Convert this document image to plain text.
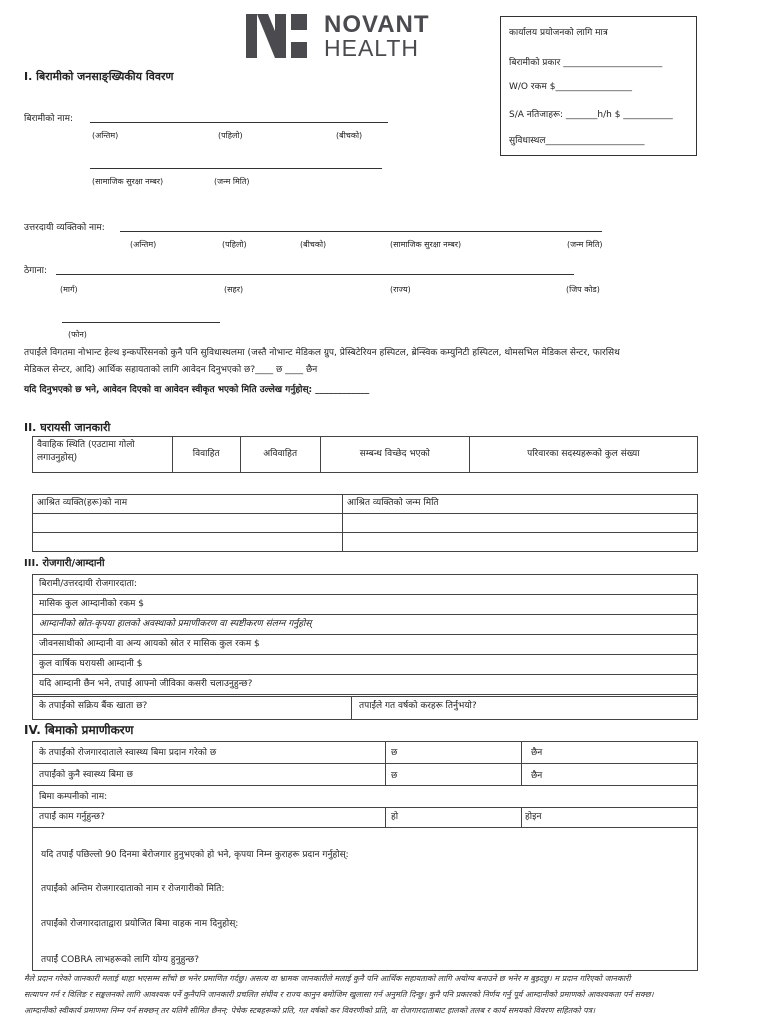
NOVANT
HEALTH
कार्यालय प्रयोजनको लागि मात्र
बिरामीको प्रकार ______________________
W/O रकम $_________________
S/A नतिजाहरू: _______h/h $ ___________
सुविधास्थल______________________
I. बिरामीको जनसाङ्ख्यिकीय विवरण
बिरामीको नाम:
(अन्तिम)	(पहिलो)	(बीचको)
(सामाजिक सुरक्षा नम्बर)	(जन्म मिति)
उत्तरदायी व्यक्तिको नाम:
(अन्तिम)	(पहिलो)	(बीचको)	(सामाजिक सुरक्षा नम्बर)	(जन्म मिति)
ठेगाना:
(मार्ग)	(सहर)	(राज्य)	(जिप कोड)
(फोन)
तपाईंले विगतमा नोभान्ट हेल्थ इन्कर्पोरेसनको कुनै पनि सुविधास्थलमा (जस्तै नोभान्ट मेडिकल ग्रुप, प्रेस्बिटेरियन हस्पिटल, ब्रेन्स्विक कम्युनिटी हस्पिटल, थोमसभिल मेडिकल सेन्टर, फारसिथ
मेडिकल सेन्टर, आदि) आर्थिक सहायताको लागि आवेदन दिनुभएको छ?____ छ ____ छैन
यदि दिनुभएको छ भने, आवेदन दिएको वा आवेदन स्वीकृत भएको मिति उल्लेख गर्नुहोस्: ____________
II. घरायसी जानकारी
वैवाहिक स्थिति (एउटामा गोलो लगाउनुहोस्)	विवाहित	अविवाहित	सम्बन्ध विच्छेद भएको	परिवारका सदस्यहरूको कुल संख्या
आश्रित व्यक्ति(हरू)को नाम	आश्रित व्यक्तिको जन्म मिति

III. रोजगारी/आम्दानी
बिरामी/उत्तरदायी रोजगारदाता:
मासिक कुल आम्दानीको रकम $
आम्दानीको स्रोत-कृपया हालको अवस्थाको प्रमाणीकरण वा स्पष्टीकरण संलग्न गर्नुहोस्
जीवनसाथीको आम्दानी वा अन्य आयको स्रोत र मासिक कुल रकम $
कुल वार्षिक घरायसी आम्दानी $
यदि आम्दानी छैन भने, तपाईं आफ्नो जीविका कसरी चलाउनुहुन्छ?
के तपाईंको सक्रिय बैंक खाता छ?	तपाईंले गत वर्षको करहरू तिर्नुभयो?
IV. बिमाको प्रमाणीकरण
के तपाईंको रोजगारदाताले स्वास्थ्य बिमा प्रदान गरेको छ	छ	छैन
तपाईंको कुनै स्वास्थ्य बिमा छ	छ	छैन
बिमा कम्पनीको नाम:
तपाईं काम गर्नुहुन्छ?	हो	होइन
यदि तपाईं पछिल्लो 90 दिनमा बेरोजगार हुनुभएको हो भने, कृपया निम्न कुराहरू प्रदान गर्नुहोस्:
तपाईंको अन्तिम रोजगारदाताको नाम र रोजगारीको मिति:
तपाईंको रोजगारदाताद्वारा प्रयोजित बिमा वाहक नाम दिनुहोस्:
तपाईं COBRA लाभहरूको लागि योग्य हुनुहुन्छ?
मैले प्रदान गरेको जानकारी मलाई थाहा भएसम्म साँचो छ भनेर प्रमाणित गर्दछु। असत्य वा भ्रामक जानकारीले मलाई कुनै पनि आर्थिक सहायताको लागि अयोग्य बनाउने छ भनेर म बुझ्दछु। म प्रदान गरिएको जानकारी
सत्यापन गर्न र विलिङ र सङ्कलनको लागि आवश्यक पर्ने कुनैपनि जानकारी प्रचलित संघीय र राज्य कानुन बमोजिम खुलासा गर्न अनुमति दिन्छु। कुनै पनि प्रकारको निर्णय गर्नु पूर्व आम्दानीको प्रमाणको आवश्यकता पर्न सक्छ।
आम्दानीको स्वीकार्य प्रमाणमा निम्न पर्न सक्छन् तर यतिमै सीमित छैनन्: पेचेक स्टबहरूको प्रति, गत वर्षको कर विवरणीको प्रति, वा रोजगारदाताबाट हालको तलब र कार्य समयको विवरण सहितको पत्र।
